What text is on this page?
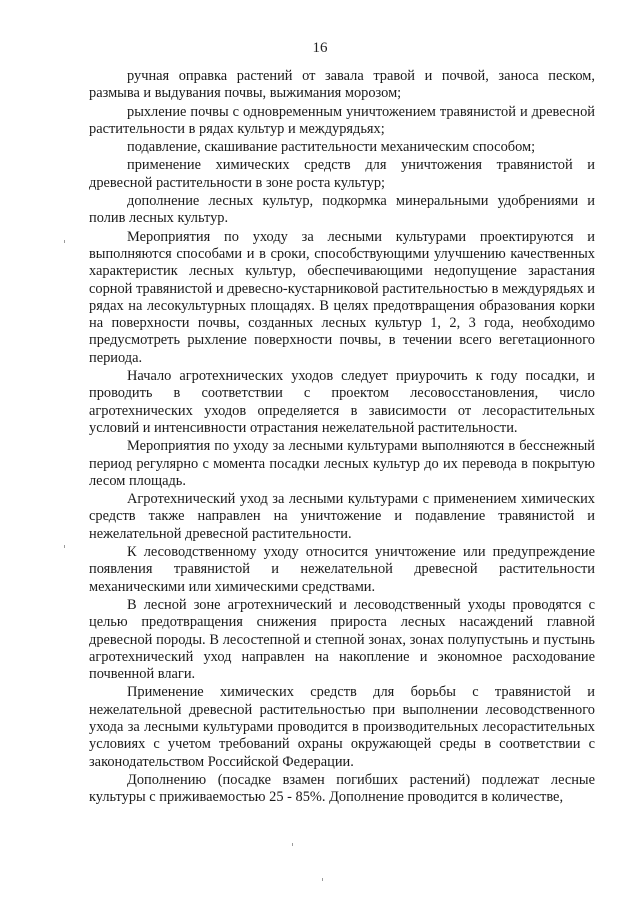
16

ручная оправка растений от завала травой и почвой, заноса песком, размыва и выдувания почвы, выжимания морозом;

рыхление почвы с одновременным уничтожением травянистой и древесной растительности в рядах культур и междурядьях;

подавление, скашивание растительности механическим способом;

применение химических средств для уничтожения травянистой и древесной растительности в зоне роста культур;

дополнение лесных культур, подкормка минеральными удобрениями и полив лесных культур.

Мероприятия по уходу за лесными культурами проектируются и выполняются способами и в сроки, способствующими улучшению качественных характеристик лесных культур, обеспечивающими недопущение зарастания сорной травянистой и древесно-кустарниковой растительностью в междурядьях и рядах на лесокультурных площадях. В целях предотвращения образования корки на поверхности почвы, созданных лесных культур 1, 2, 3 года, необходимо предусмотреть рыхление поверхности почвы, в течении всего вегетационного периода.

Начало агротехнических уходов следует приурочить к году посадки, и проводить в соответствии с проектом лесовосстановления, число агротехнических уходов определяется в зависимости от лесорастительных условий и интенсивности отрастания нежелательной растительности.

Мероприятия по уходу за лесными культурами выполняются в бесснежный период регулярно с момента посадки лесных культур до их перевода в покрытую лесом площадь.

Агротехнический уход за лесными культурами с применением химических средств также направлен на уничтожение и подавление травянистой и нежелательной древесной растительности.

К лесоводственному уходу относится уничтожение или предупреждение появления травянистой и нежелательной древесной растительности механическими или химическими средствами.

В лесной зоне агротехнический и лесоводственный уходы проводятся с целью предотвращения снижения прироста лесных насаждений главной древесной породы. В лесостепной и степной зонах, зонах полупустынь и пустынь агротехнический уход направлен на накопление и экономное расходование почвенной влаги.

Применение химических средств для борьбы с травянистой и нежелательной древесной растительностью при выполнении лесоводственного ухода за лесными культурами проводится в производительных лесорастительных условиях с учетом требований охраны окружающей среды в соответствии с законодательством Российской Федерации.

Дополнению (посадке взамен погибших растений) подлежат лесные культуры с приживаемостью 25 - 85%. Дополнение проводится в количестве,
